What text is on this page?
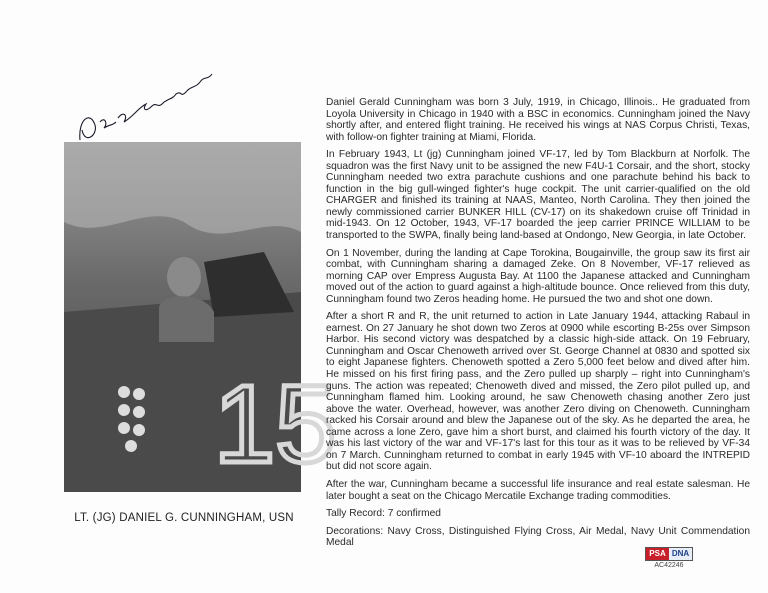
15
LT. (JG) DANIEL G. CUNNINGHAM, USN

Daniel Gerald Cunningham was born 3 July, 1919, in Chicago, Illinois.. He graduated from Loyola University in Chicago in 1940 with a BSC in economics. Cunningham joined the Navy shortly after, and entered flight training. He received his wings at NAS Corpus Christi, Texas, with follow-on fighter training at Miami, Florida.

In February 1943, Lt (jg) Cunningham joined VF-17, led by Tom Blackburn at Norfolk. The squadron was the first Navy unit to be assigned the new F4U-1 Corsair, and the short, stocky Cunningham needed two extra parachute cushions and one parachute behind his back to function in the big gull-winged fighter's huge cockpit. The unit carrier-qualified on the old CHARGER and finished its training at NAAS, Manteo, North Carolina. They then joined the newly commissioned carrier BUNKER HILL (CV-17) on its shakedown cruise off Trinidad in mid-1943. On 12 October, 1943, VF-17 boarded the jeep carrier PRINCE WILLIAM to be transported to the SWPA, finally being land-based at Ondongo, New Georgia, in late October.

On 1 November, during the landing at Cape Torokina, Bougainville, the group saw its first air combat, with Cunningham sharing a damaged Zeke. On 8 November, VF-17 relieved as morning CAP over Empress Augusta Bay. At 1100 the Japanese attacked and Cunningham moved out of the action to guard against a high-altitude bounce. Once relieved from this duty, Cunningham found two Zeros heading home. He pursued the two and shot one down.

After a short R and R, the unit returned to action in Late January 1944, attacking Rabaul in earnest. On 27 January he shot down two Zeros at 0900 while escorting B-25s over Simpson Harbor. His second victory was despatched by a classic high-side attack. On 19 February, Cunningham and Oscar Chenoweth arrived over St. George Channel at 0830 and spotted six to eight Japanese fighters. Chenoweth spotted a Zero 5,000 feet below and dived after him. He missed on his first firing pass, and the Zero pulled up sharply – right into Cunningham's guns. The action was repeated; Chenoweth dived and missed, the Zero pilot pulled up, and Cunningham flamed him. Looking around, he saw Chenoweth chasing another Zero just above the water. Overhead, however, was another Zero diving on Chenoweth. Cunningham racked his Corsair around and blew the Japanese out of the sky. As he departed the area, he came across a lone Zero, gave him a short burst, and claimed his fourth victory of the day. It was his last victory of the war and VF-17's last for this tour as it was to be relieved by VF-34 on 7 March. Cunningham returned to combat in early 1945 with VF-10 aboard the INTREPID but did not score again.

After the war, Cunningham became a successful life insurance and real estate salesman. He later bought a seat on the Chicago Mercatile Exchange trading commodities.

Tally Record: 7 confirmed

Decorations: Navy Cross, Distinguished Flying Cross, Air Medal, Navy Unit Commendation Medal

PSA DNA
AC42246
